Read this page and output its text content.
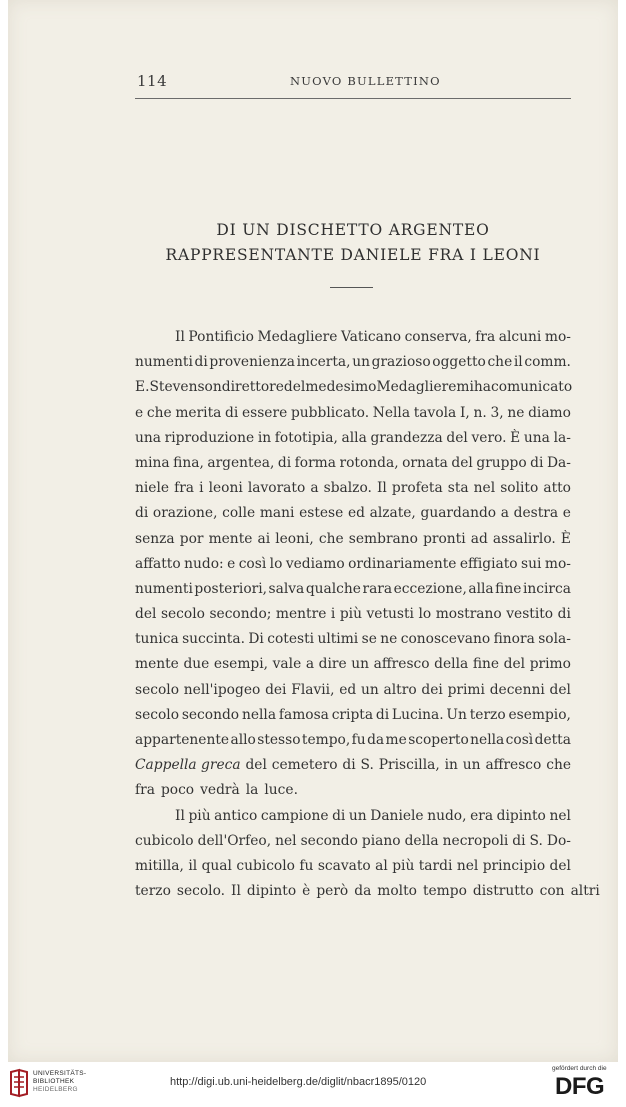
114	NUOVO BULLETTINO
DI UN DISCHETTO ARGENTEO
RAPPRESENTANTE DANIELE FRA I LEONI
Il Pontificio Medagliere Vaticano conserva, fra alcuni mo-
numenti di provenienza incerta, un grazioso oggetto che il comm.
E. Stevenson direttore del medesimo Medagliere mi ha comunicato
e che merita di essere pubblicato. Nella tavola I, n. 3, ne diamo
una riproduzione in fototipia, alla grandezza del vero. È una la-
mina fina, argentea, di forma rotonda, ornata del gruppo di Da-
niele fra i leoni lavorato a sbalzo. Il profeta sta nel solito atto
di orazione, colle mani estese ed alzate, guardando a destra e
senza por mente ai leoni, che sembrano pronti ad assalirlo. È
affatto nudo: e così lo vediamo ordinariamente effigiato sui mo-
numenti posteriori, salva qualche rara eccezione, alla fine incirca
del secolo secondo; mentre i più vetusti lo mostrano vestito di
tunica succinta. Di cotesti ultimi se ne conoscevano finora sola-
mente due esempi, vale a dire un affresco della fine del primo
secolo nell'ipogeo dei Flavii, ed un altro dei primi decenni del
secolo secondo nella famosa cripta di Lucina. Un terzo esempio,
appartenente allo stesso tempo, fu da me scoperto nella così detta
Cappella greca del cemetero di S. Priscilla, in un affresco che
fra poco vedrà la luce.
Il più antico campione di un Daniele nudo, era dipinto nel
cubicolo dell'Orfeo, nel secondo piano della necropoli di S. Do-
mitilla, il qual cubicolo fu scavato al più tardi nel principio del
terzo secolo. Il dipinto è però da molto tempo distrutto con altri
UNIVERSITÄTS-
BIBLIOTHEK
HEIDELBERG
http://digi.ub.uni-heidelberg.de/diglit/nbacr1895/0120
gefördert durch die
DFG
